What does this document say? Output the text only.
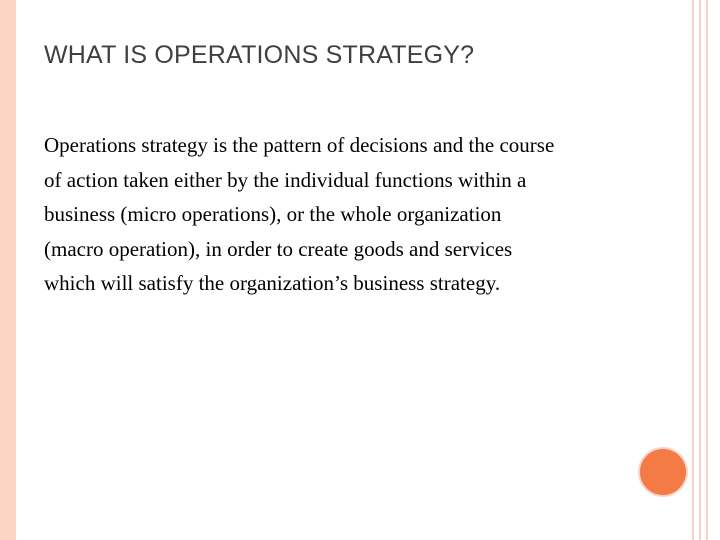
WHAT IS OPERATIONS STRATEGY?

Operations strategy is the pattern of decisions and the course of action taken either by the individual functions within a business (micro operations), or the whole organization (macro operation), in order to create goods and services which will satisfy the organization’s business strategy.
